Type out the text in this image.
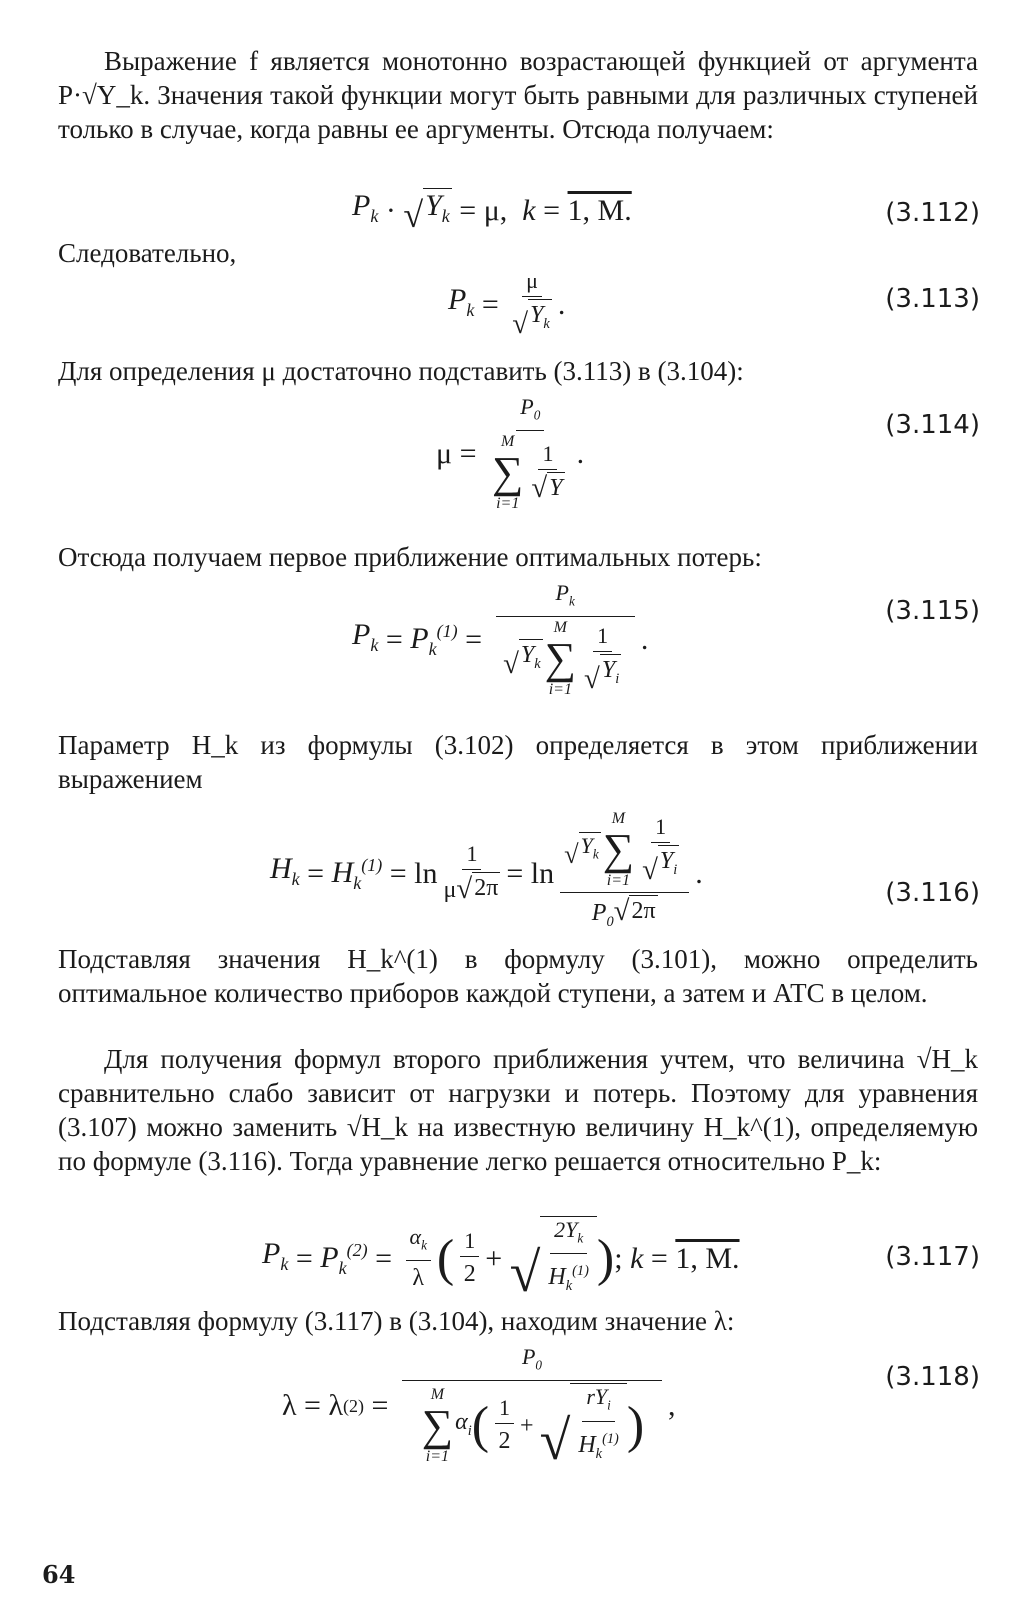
Выражение f является монотонно возрастающей функцией от аргумента P·√Y_k. Значения такой функции могут быть равными для различных ступеней только в случае, когда равны ее аргументы. Отсюда получаем:

$P_k$ · √ $Y_k = \mu$, k = 1, M.	(3.112)

Следовательно,

$P_k = \frac{\mu}{√ Y_k}$ .	(3.113)

Для определения μ достаточно подставить (3.113) в (3.104):

$\mu = P_0$
M
∑
$i=1 \frac{1}{√ Y}$ .
(3.114)

Отсюда получаем первое приближение оптимальных потерь:

$P_k = P_k^{(1)} = P_k$
√ $Y_k$
M
∑
$i=1 \frac{1}{√ Y_i}$ .
(3.115)

Параметр H_k из формулы (3.102) определяется в этом приближении выражением

$H_k = H_k^{(1)} = \ln \frac{1}{\mu √ 2\pi} = \ln$ √ $Y_k$
M
∑
$i=1 \frac{1}{√ Y_i}$
$P_0$ √ 2π .
(3.116)

Подставляя значения H_k^(1) в формулу (3.101), можно определить оптимальное количество приборов каждой ступени, а затем и АТС в целом.

Для получения формул второго приближения учтем, что величина √H_k сравнительно слабо зависит от нагрузки и потерь. Поэтому для уравнения (3.107) можно заменить √H_k на известную величину H_k^(1), определяемую по формуле (3.116). Тогда уравнение легко решается относительно P_k:

$P_k = P_k^{(2)} = \frac{\alpha_k}{\lambda}$ ( $\frac{1}{2}$ + √ $\frac{2Y_k}{H_k^{(1)}}$ ) ; k = 1, M.	(3.117)

Подставляя формулу (3.117) в (3.104), находим значение λ:

λ = λ $(2) = P_0$
M
∑
i=1
$\alpha_i$ ( $\frac{1}{2}$ + √ $\frac{rY_i}{H_k^{(1)}}$ ) ,
(3.118)
64
